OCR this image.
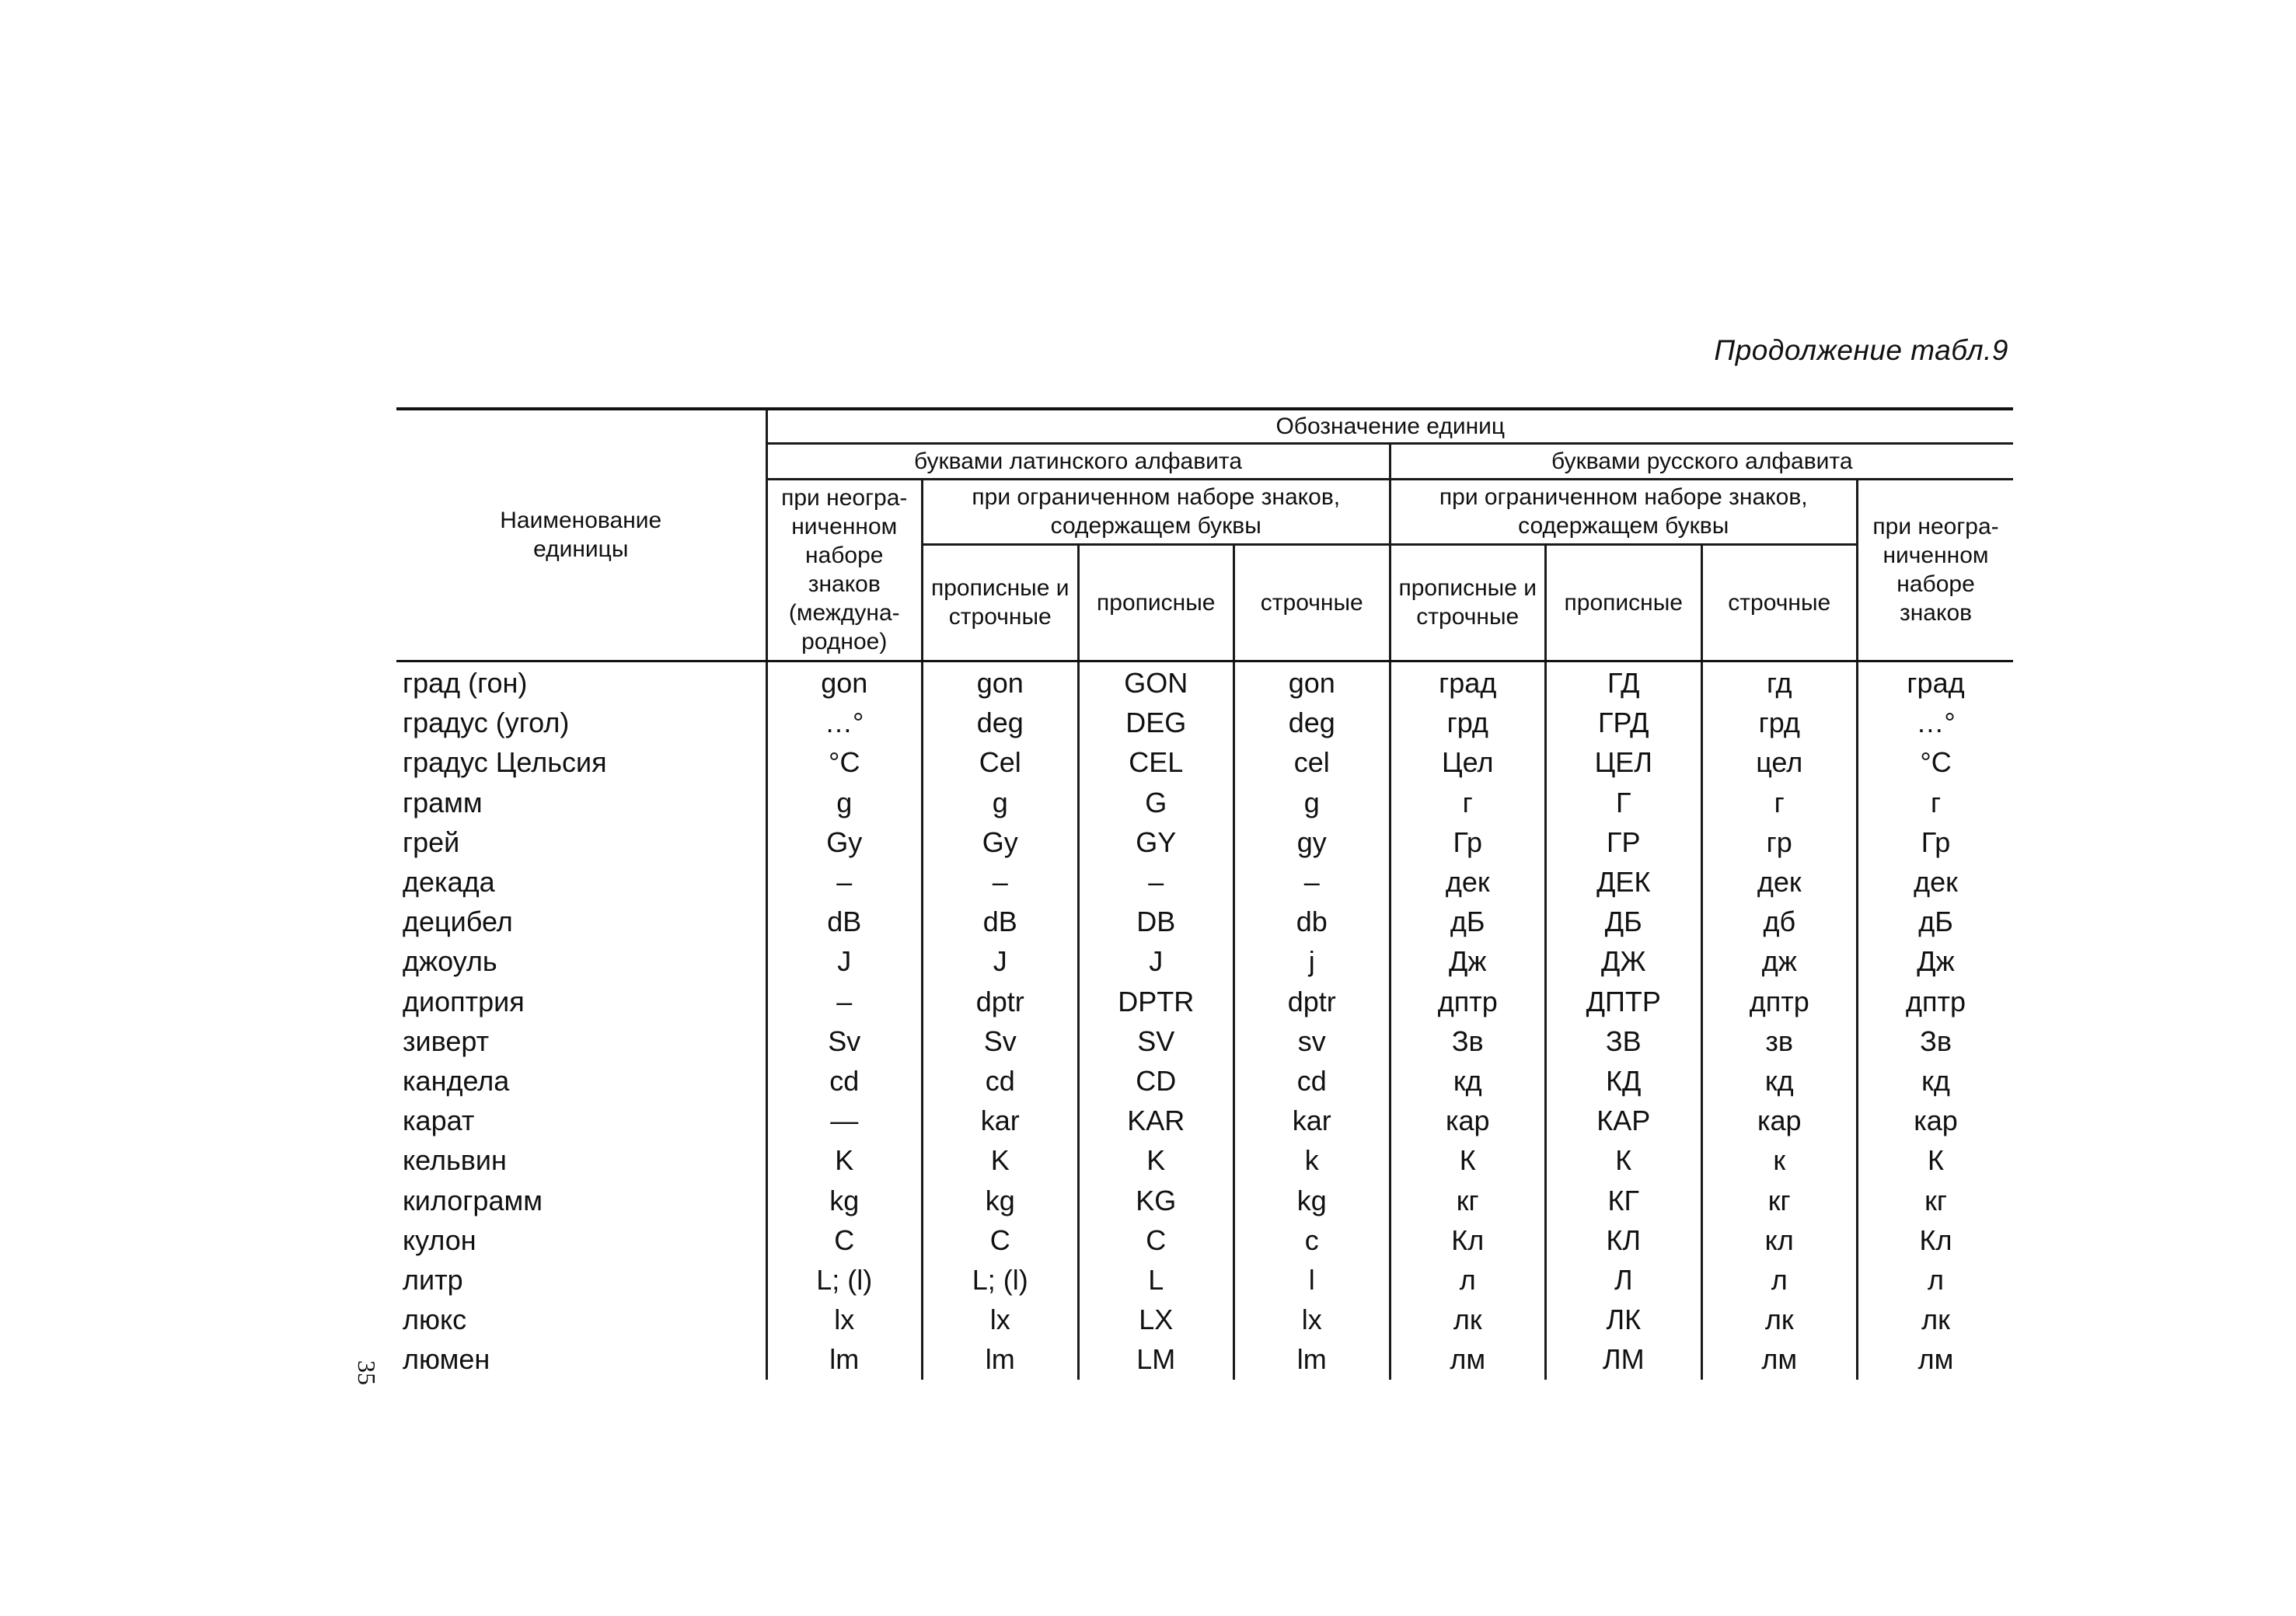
Продолжение табл.9
35
Наименование единицы	Обозначение единиц							
	буквами латинского алфавита				буквами русского алфавита			
	при неогра-ниченном наборе знаков (междуна-родное)	при ограниченном наборе знаков, содержащем буквы			при ограниченном наборе знаков, содержащем буквы			при неогра-ниченном наборе знаков
		прописные и строчные	прописные	строчные	прописные и строчные	прописные	строчные	
град (гон)	gon	gon	GON	gon	град	ГД	гд	град
градус (угол)	…°	deg	DEG	deg	грд	ГРД	грд	…°
градус Цельсия	°C	Cel	CEL	cel	Цел	ЦЕЛ	цел	°C
грамм	g	g	G	g	г	Г	г	г
грей	Gy	Gy	GY	gy	Гр	ГР	гр	Гр
декада	–	–	–	–	дек	ДЕК	дек	дек
децибел	dB	dB	DB	db	дБ	ДБ	дб	дБ
джоуль	J	J	J	j	Дж	ДЖ	дж	Дж
диоптрия	–	dptr	DPTR	dptr	дптр	ДПТР	дптр	дптр
зиверт	Sv	Sv	SV	sv	Зв	ЗВ	зв	Зв
кандела	cd	cd	CD	cd	кд	КД	кд	кд
карат	—	kar	KAR	kar	кар	КАР	кар	кар
кельвин	K	K	K	k	К	К	к	К
килограмм	kg	kg	KG	kg	кг	КГ	кг	кг
кулон	C	C	C	c	Кл	КЛ	кл	Кл
литр	L; (l)	L; (l)	L	l	л	Л	л	л
люкс	lx	lx	LX	lx	лк	ЛК	лк	лк
люмен	lm	lm	LM	lm	лм	ЛМ	лм	лм
